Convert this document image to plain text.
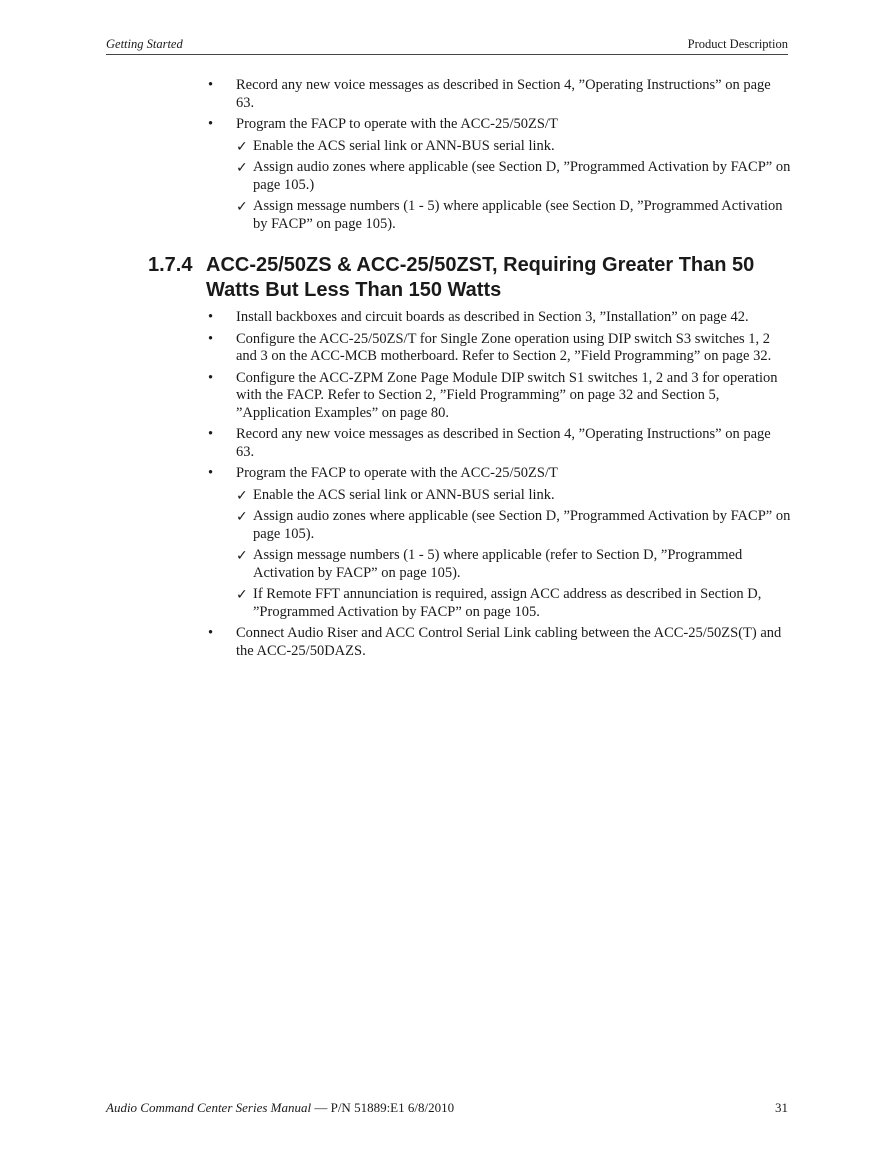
Getting Started	Product Description
• Record any new voice messages as described in Section 4, ”Operating Instructions” on page 63.
• Program the FACP to operate with the ACC-25/50ZS/T
✓ Enable the ACS serial link or ANN-BUS serial link.
✓ Assign audio zones where applicable (see Section D, ”Programmed Activation by FACP” on page 105.)
✓ Assign message numbers (1 - 5) where applicable (see Section D, ”Programmed Activation by FACP” on page 105).
1.7.4 ACC-25/50ZS & ACC-25/50ZST, Requiring Greater Than 50 Watts But Less Than 150 Watts
• Install backboxes and circuit boards as described in Section 3, ”Installation” on page 42.
• Configure the ACC-25/50ZS/T for Single Zone operation using DIP switch S3 switches 1, 2 and 3 on the ACC-MCB motherboard. Refer to Section 2, ”Field Programming” on page 32.
• Configure the ACC-ZPM Zone Page Module DIP switch S1 switches 1, 2 and 3 for operation with the FACP. Refer to Section 2, ”Field Programming” on page 32 and Section 5, ”Application Examples” on page 80.
• Record any new voice messages as described in Section 4, ”Operating Instructions” on page 63.
• Program the FACP to operate with the ACC-25/50ZS/T
✓ Enable the ACS serial link or ANN-BUS serial link.
✓ Assign audio zones where applicable (see Section D, ”Programmed Activation by FACP” on page 105).
✓ Assign message numbers (1 - 5) where applicable (refer to Section D, ”Programmed Activation by FACP” on page 105).
✓ If Remote FFT annunciation is required, assign ACC address as described in Section D, ”Programmed Activation by FACP” on page 105.
• Connect Audio Riser and ACC Control Serial Link cabling between the ACC-25/50ZS(T) and the ACC-25/50DAZS.
Audio Command Center Series Manual — P/N 51889:E1 6/8/2010	31
